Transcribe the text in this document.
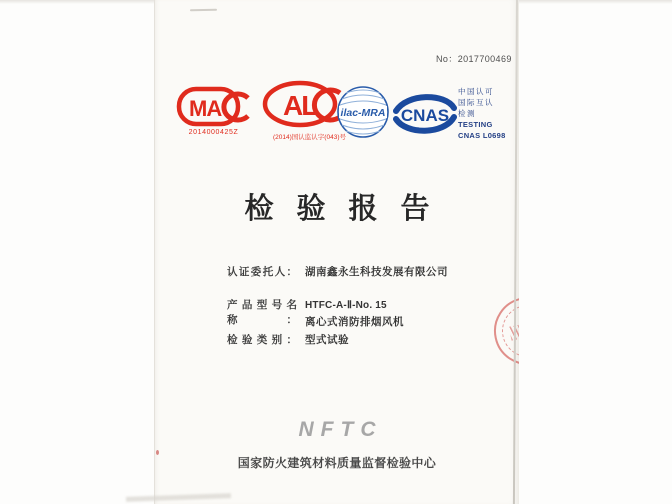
No：2017700469
MA
2014000425Z
AL
(2014)国认监认字(043)号
ilac-MRA CNAS
中国认可
国际互认
检测
TESTING
CNAS L0698
检验报告
认证委托人： 湖南鑫永生科技发展有限公司
产品型号名称：
HTFC-A-Ⅱ-No. 15
离心式消防排烟风机
检验类别： 型式试验
NFTC
国家防火建筑材料质量监督检验中心
